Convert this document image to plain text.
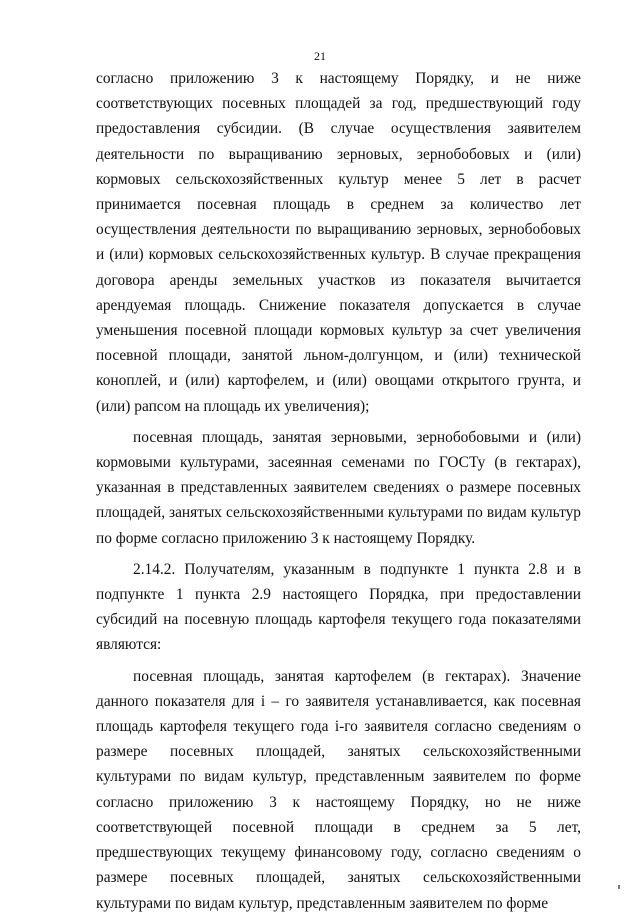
21

согласно приложению 3 к настоящему Порядку, и не ниже соответствующих посевных площадей за год, предшествующий году предоставления субсидии. (В случае осуществления заявителем деятельности по выращиванию зерновых, зернобобовых и (или) кормовых сельскохозяйственных культур менее 5 лет в расчет принимается посевная площадь в среднем за количество лет осуществления деятельности по выращиванию зерновых, зернобобовых и (или) кормовых сельскохозяйственных культур. В случае прекращения договора аренды земельных участков из показателя вычитается арендуемая площадь. Снижение показателя допускается в случае уменьшения посевной площади кормовых культур за счет увеличения посевной площади, занятой льном-долгунцом, и (или) технической коноплей, и (или) картофелем, и (или) овощами открытого грунта, и (или) рапсом на площадь их увеличения);

посевная площадь, занятая зерновыми, зернобобовыми и (или) кормовыми культурами, засеянная семенами по ГОСТу (в гектарах), указанная в представленных заявителем сведениях о размере посевных площадей, занятых сельскохозяйственными культурами по видам культур по форме согласно приложению 3 к настоящему Порядку.

2.14.2. Получателям, указанным в подпункте 1 пункта 2.8 и в подпункте 1 пункта 2.9 настоящего Порядка, при предоставлении субсидий на посевную площадь картофеля текущего года показателями являются:

посевная площадь, занятая картофелем (в гектарах). Значение данного показателя для i – го заявителя устанавливается, как посевная площадь картофеля текущего года i-го заявителя согласно сведениям о размере посевных площадей, занятых сельскохозяйственными культурами по видам культур, представленным заявителем по форме согласно приложению 3 к настоящему Порядку, но не ниже соответствующей посевной площади в среднем за 5 лет, предшествующих текущему финансовому году, согласно сведениям о размере посевных площадей, занятых сельскохозяйственными культурами по видам культур, представленным заявителем по форме
